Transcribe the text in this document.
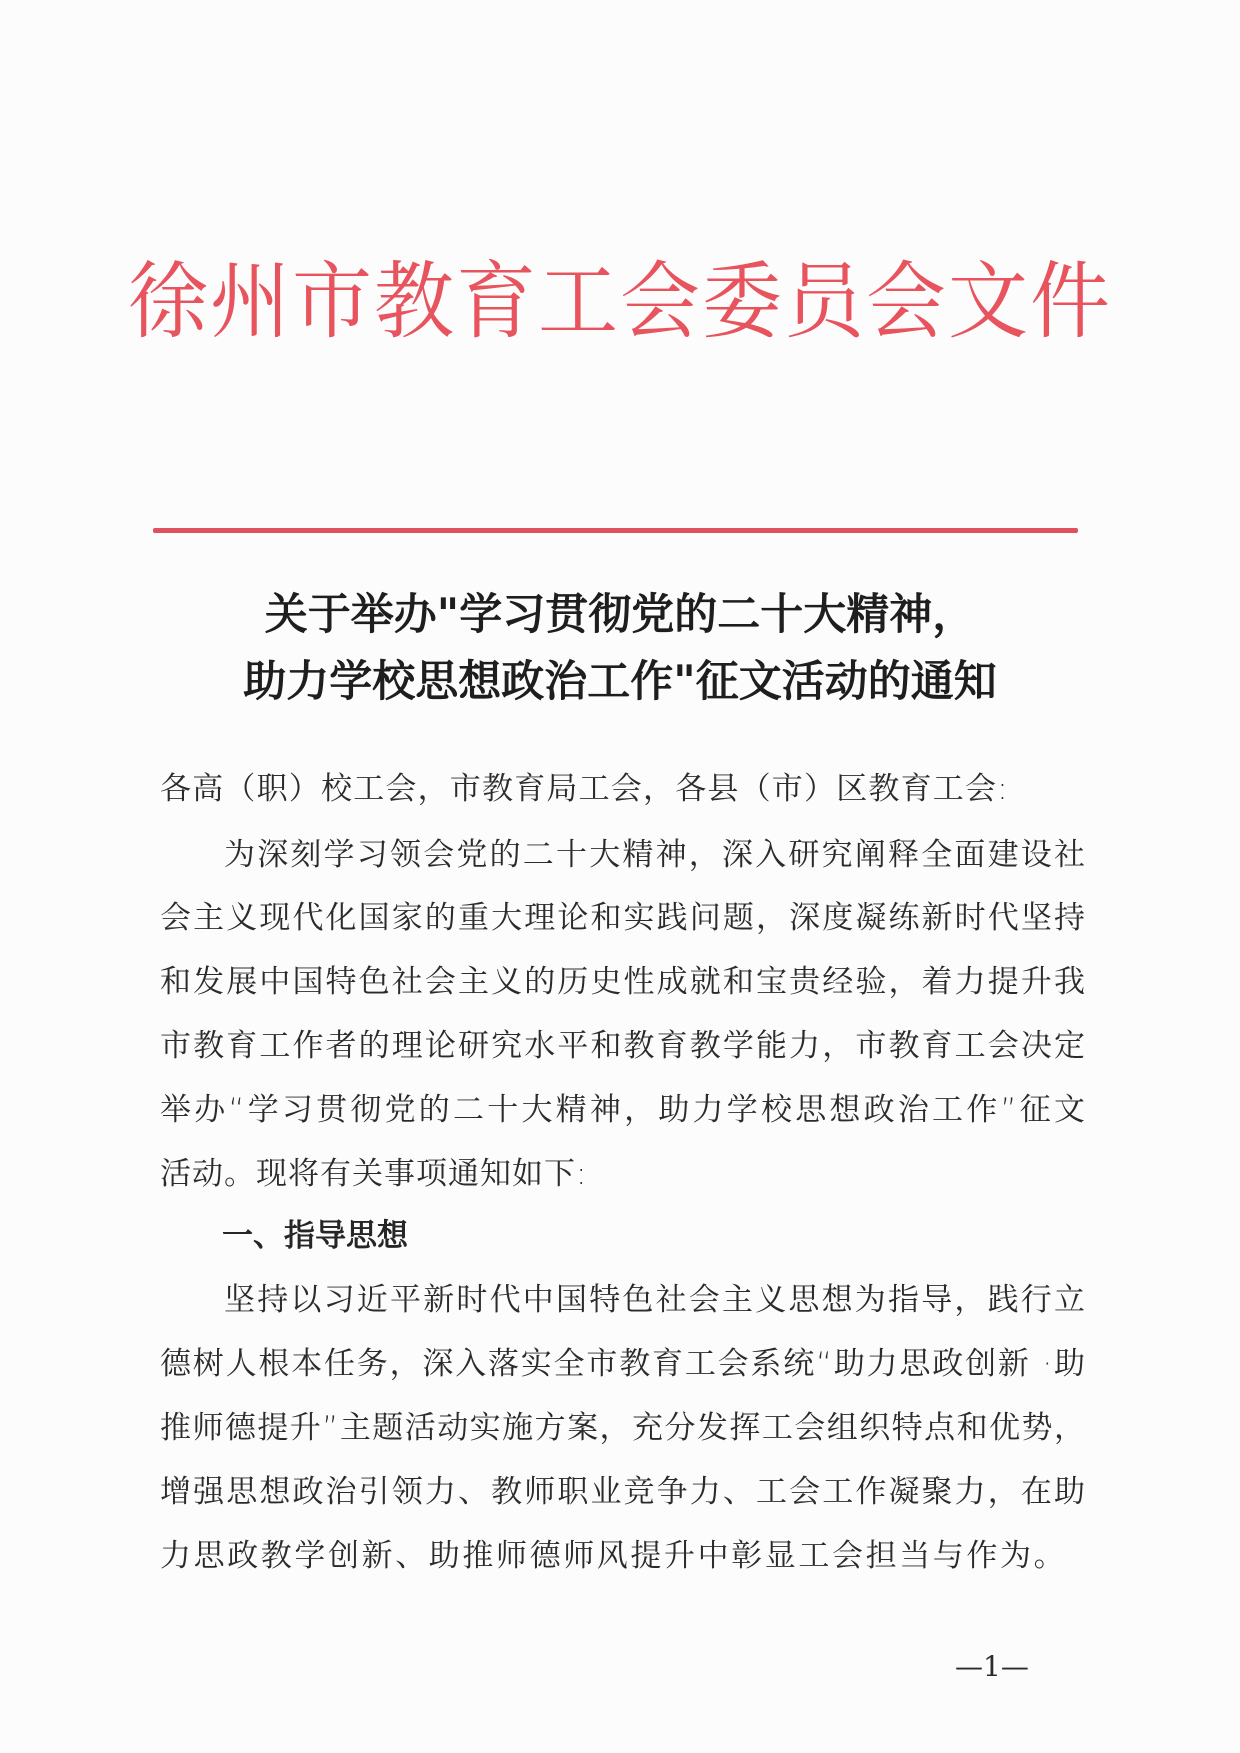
徐州市教育工会委员会文件
关于举办"学习贯彻党的二十大精神，
助力学校思想政治工作"征文活动的通知
各高（职）校工会，市教育局工会，各县（市）区教育工会:
为深刻学习领会党的二十大精神，深入研究阐释全面建设社
会主义现代化国家的重大理论和实践问题，深度凝练新时代坚持
和发展中国特色社会主义的历史性成就和宝贵经验，着力提升我
市教育工作者的理论研究水平和教育教学能力，市教育工会决定
举办“学习贯彻党的二十大精神，助力学校思想政治工作”征文
活动。现将有关事项通知如下:
一、指导思想
坚持以习近平新时代中国特色社会主义思想为指导，践行立
德树人根本任务，深入落实全市教育工会系统“助力思政创新 ·助
推师德提升”主题活动实施方案，充分发挥工会组织特点和优势，
增强思想政治引领力、教师职业竞争力、工会工作凝聚力，在助
力思政教学创新、助推师德师风提升中彰显工会担当与作为。
—1—
